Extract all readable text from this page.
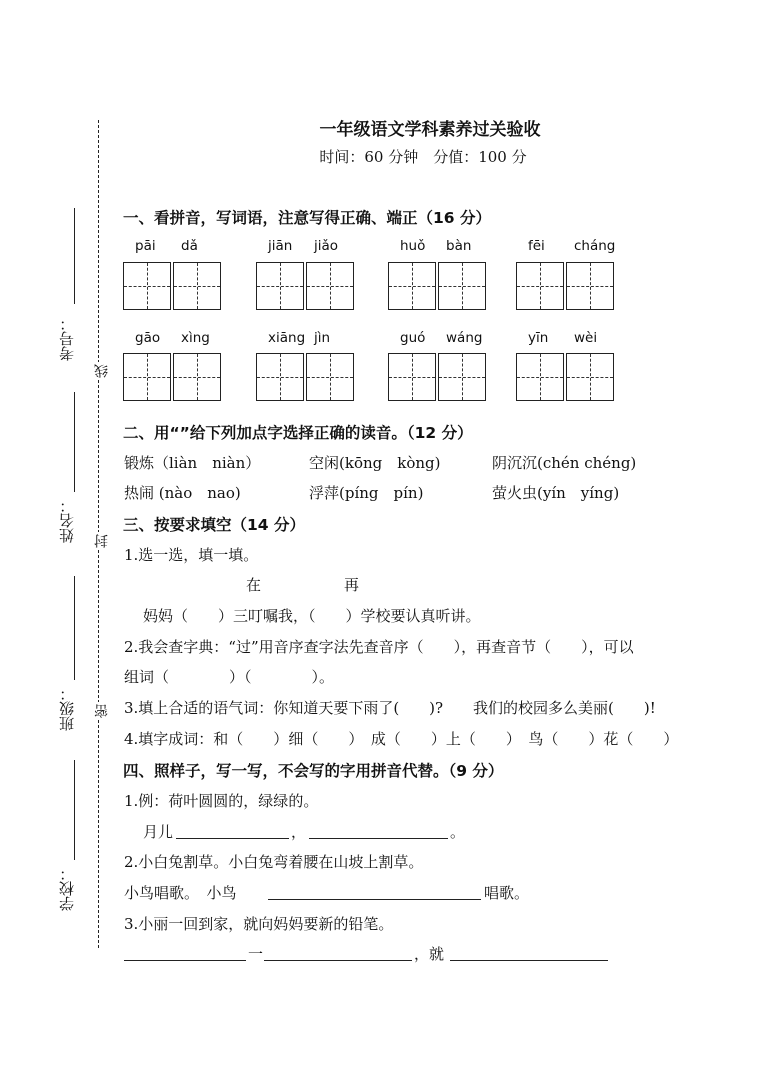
考号：
姓名：
班级：
学校：
线
封
密
一年级语文学科素养过关验收
时间：60 分钟　分值：100 分
一、看拼音，写词语，注意写得正确、端正（16 分）
pāi dǎ	jiān jiǎo	huǒ bàn	fēi cháng
gāo xìng	xiāng jìn	guó wáng	yīn wèi
二、用“”给下列加点字选择正确的读音。（12 分）
锻炼（liàn　niàn）	空闲(kōng　kòng)	阴沉沉(chén chéng)
热闹 (nào　nao)	浮萍(píng　pín)	萤火虫(yín　yíng)
三、按要求填空（14 分）
1.选一选，填一填。
在	再
妈妈（　　）三叮嘱我，（　　）学校要认真听讲。
2.我会查字典：“过”用音序查字法先查音序（　　），再查音节（　　），可以
组词（　　　　）（　　　　）。
3.填上合适的语气词：你知道天要下雨了(　　)?　　我们的校园多么美丽(　　)!
4.填字成词：和（　　）细（　　）　成（　　）上（　　）　鸟（　　）花（　　）
四、照样子，写一写，不会写的字用拼音代替。（9 分）
1.例：荷叶圆圆的，绿绿的。
月儿	，	。
2.小白兔割草。小白兔弯着腰在山坡上割草。
小鸟唱歌。　小鸟	唱歌。
3.小丽一回到家，就向妈妈要新的铅笔。
一	，就
